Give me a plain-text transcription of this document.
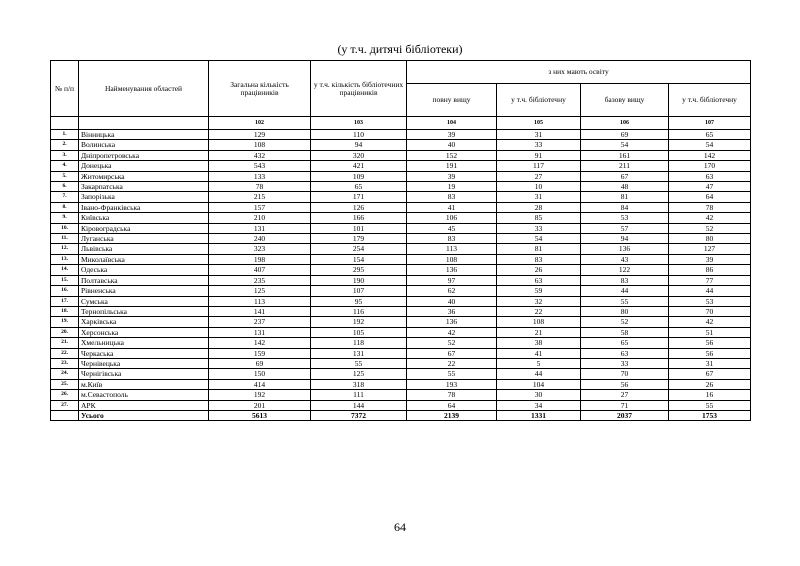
(у т.ч. дитячі бібліотеки)
№ п/п	Найменування областей	Загальна кількість працівників	у т.ч. кількість бібліотечних працівників	з них мають освіту			
				повну вищу	у т.ч. бібліотечну	базову вищу	у т.ч. бібліотечну
		102	103	104	105	106	107
1.	Вінницька	129	110	39	31	69	65
2.	Волинська	108	94	40	33	54	54
3.	Дніпропетровська	432	320	152	91	161	142
4.	Донецька	543	421	191	117	211	170
5.	Житомирська	133	109	39	27	67	63
6.	Закарпатська	78	65	19	10	48	47
7.	Запорізька	215	171	83	31	81	64
8.	Івано-Франківська	157	126	41	28	84	78
9.	Київська	210	166	106	85	53	42
10.	Кіровоградська	131	101	45	33	57	52
11.	Луганська	240	179	83	54	94	80
12.	Львівська	323	254	113	81	136	127
13.	Миколаївська	198	154	108	83	43	39
14.	Одеська	407	295	136	26	122	86
15.	Полтавська	235	190	97	63	83	77
16.	Рівненська	125	107	62	59	44	44
17.	Сумська	113	95	40	32	55	53
18.	Тернопільська	141	116	36	22	80	70
19.	Харківська	237	192	136	108	52	42
20.	Херсонська	131	105	42	21	58	51
21.	Хмельницька	142	118	52	38	65	56
22.	Черкаська	159	131	67	41	63	56
23.	Чернівецька	69	55	22	5	33	31
24.	Чернігівська	150	125	55	44	70	67
25.	м.Київ	414	318	193	104	56	26
26.	м.Севастополь	192	111	78	30	27	16
27.	АРК	201	144	64	34	71	55
	Усього	5613	7372	2139	1331	2037	1753
64
